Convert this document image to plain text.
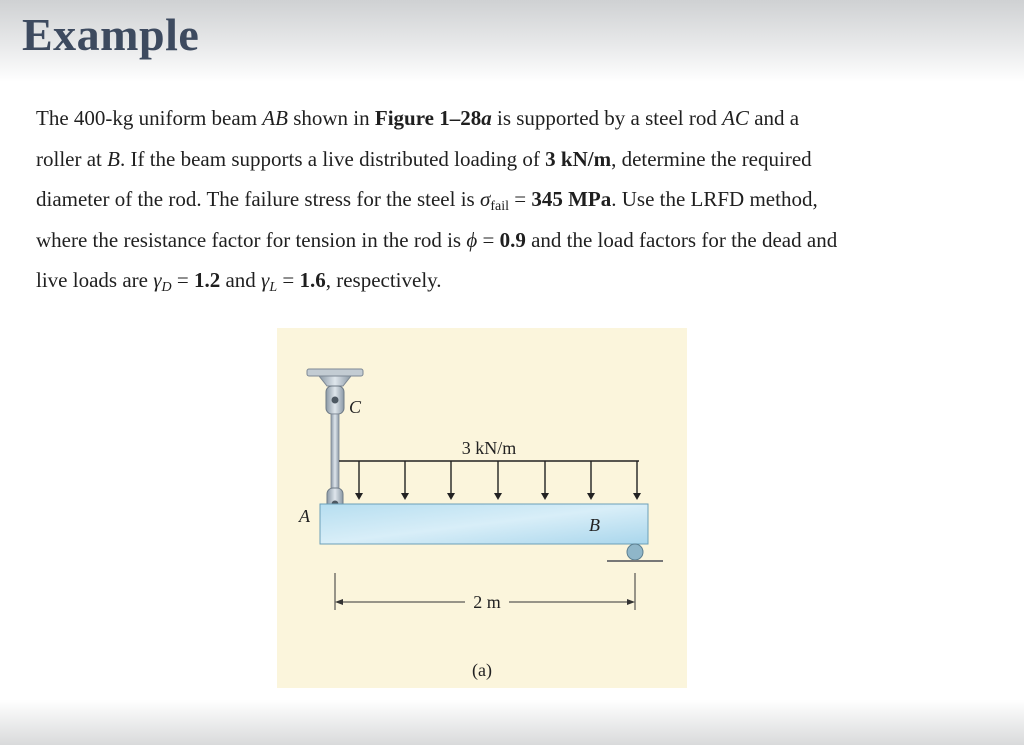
Example
The 400-kg uniform beam AB shown in Figure 1–28a is supported by a steel rod AC and a
roller at B. If the beam supports a live distributed loading of 3 kN/m, determine the required
diameter of the rod. The failure stress for the steel is $\sigma_{fail} = 345$ MPa. Use the LRFD method,
where the resistance factor for tension in the rod is ϕ = 0.9 and the load factors for the dead and
live loads are $\gamma_D = 1.2$ and $\gamma_L = 1.6$, respectively.
C
A	B
3 kN/m
2 m
(a)
